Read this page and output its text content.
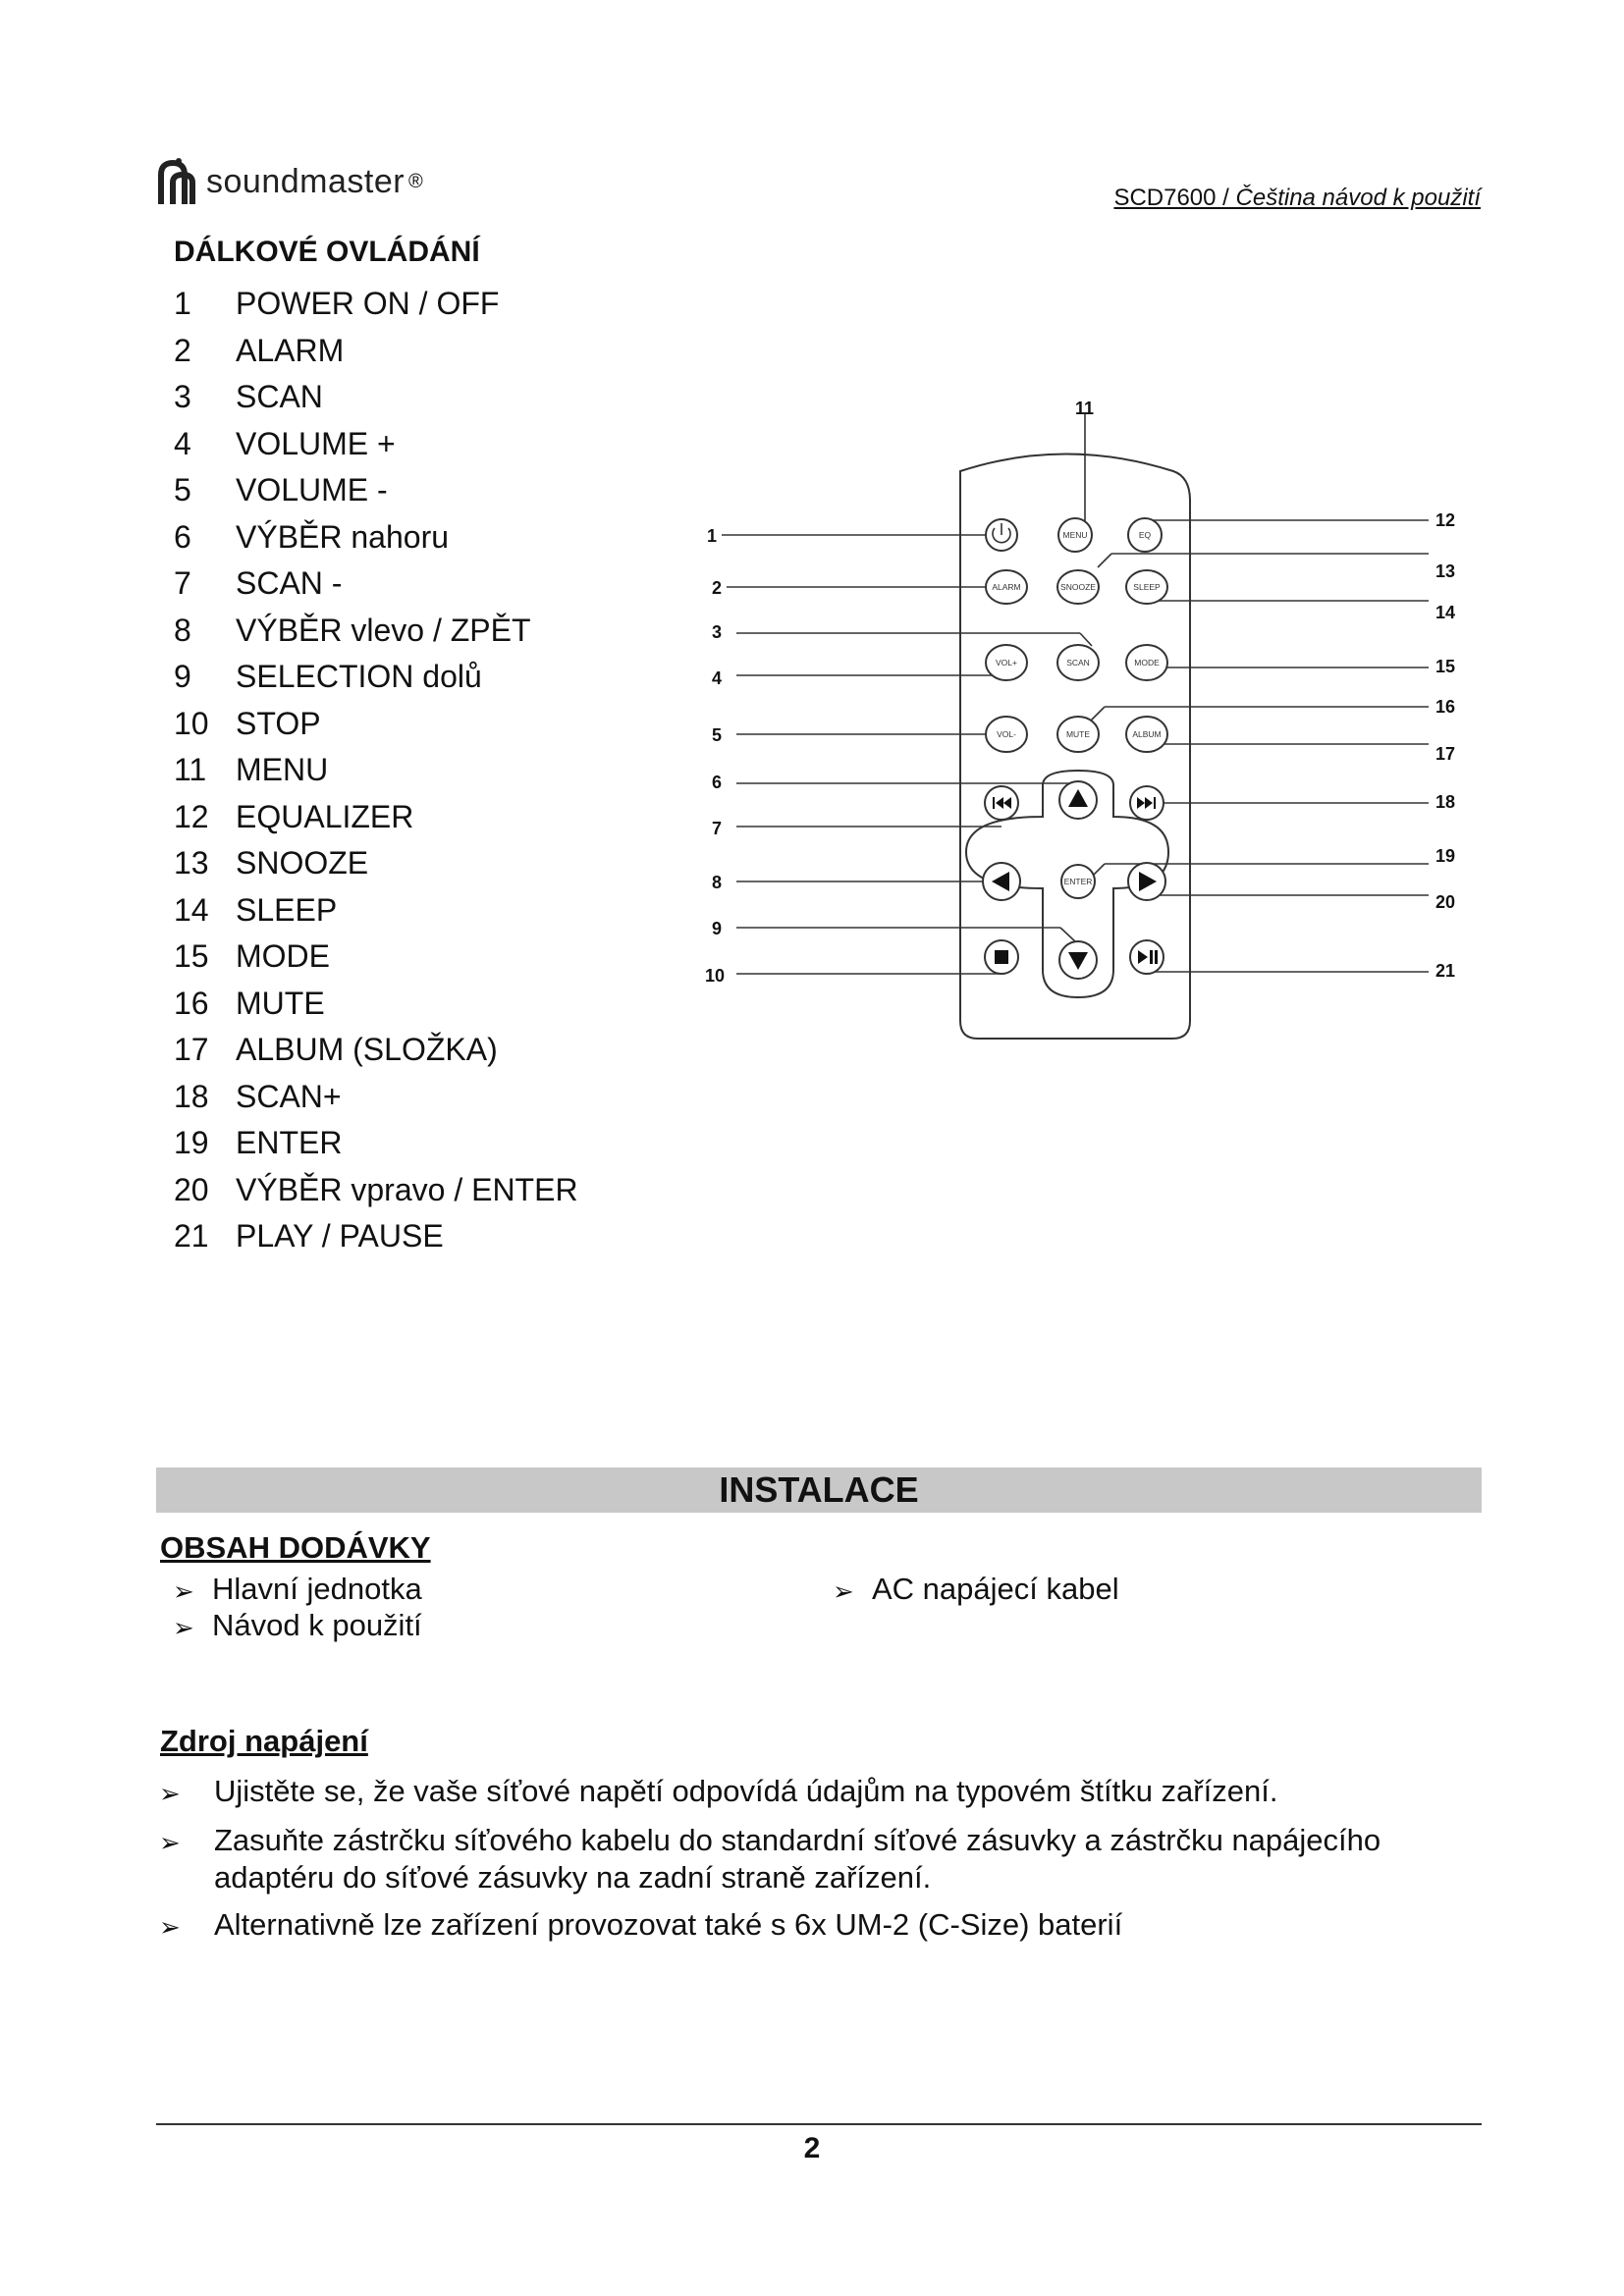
soundmaster ®
SCD7600 / Čeština návod k použití
DÁLKOVÉ OVLÁDÁNÍ
1	POWER ON / OFF
2	ALARM
3	SCAN
4	VOLUME +
5	VOLUME -
6	VÝBĚR nahoru
7	SCAN -
8	VÝBĚR vlevo / ZPĚT
9	SELECTION dolů
10 STOP
11 MENU
12 EQUALIZER
13 SNOOZE
14 SLEEP
15 MODE
16 MUTE
17 ALBUM (SLOŽKA)
18 SCAN+
19 ENTER
20 VÝBĚR vpravo / ENTER
21 PLAY / PAUSE
MENU	EQ
ALARM	SNOOZE	SLEEP
VOL+	SCAN	MODE
VOL-	MUTE	ALBUM
ENTER
1
2
3
4
5
6
7
8
9
10
11
12
13
14
15
16
17
18
19
20
21
INSTALACE
OBSAH DODÁVKY
➢ Hlavní jednotka
➢ Návod k použití
➢ AC napájecí kabel
Zdroj napájení
➢	Ujistěte se, že vaše síťové napětí odpovídá údajům na typovém štítku zařízení.
➢	Zasuňte zástrčku síťového kabelu do standardní síťové zásuvky a zástrčku napájecího adaptéru do síťové zásuvky na zadní straně zařízení.
➢	Alternativně lze zařízení provozovat také s 6x UM-2 (C-Size) baterií
2
